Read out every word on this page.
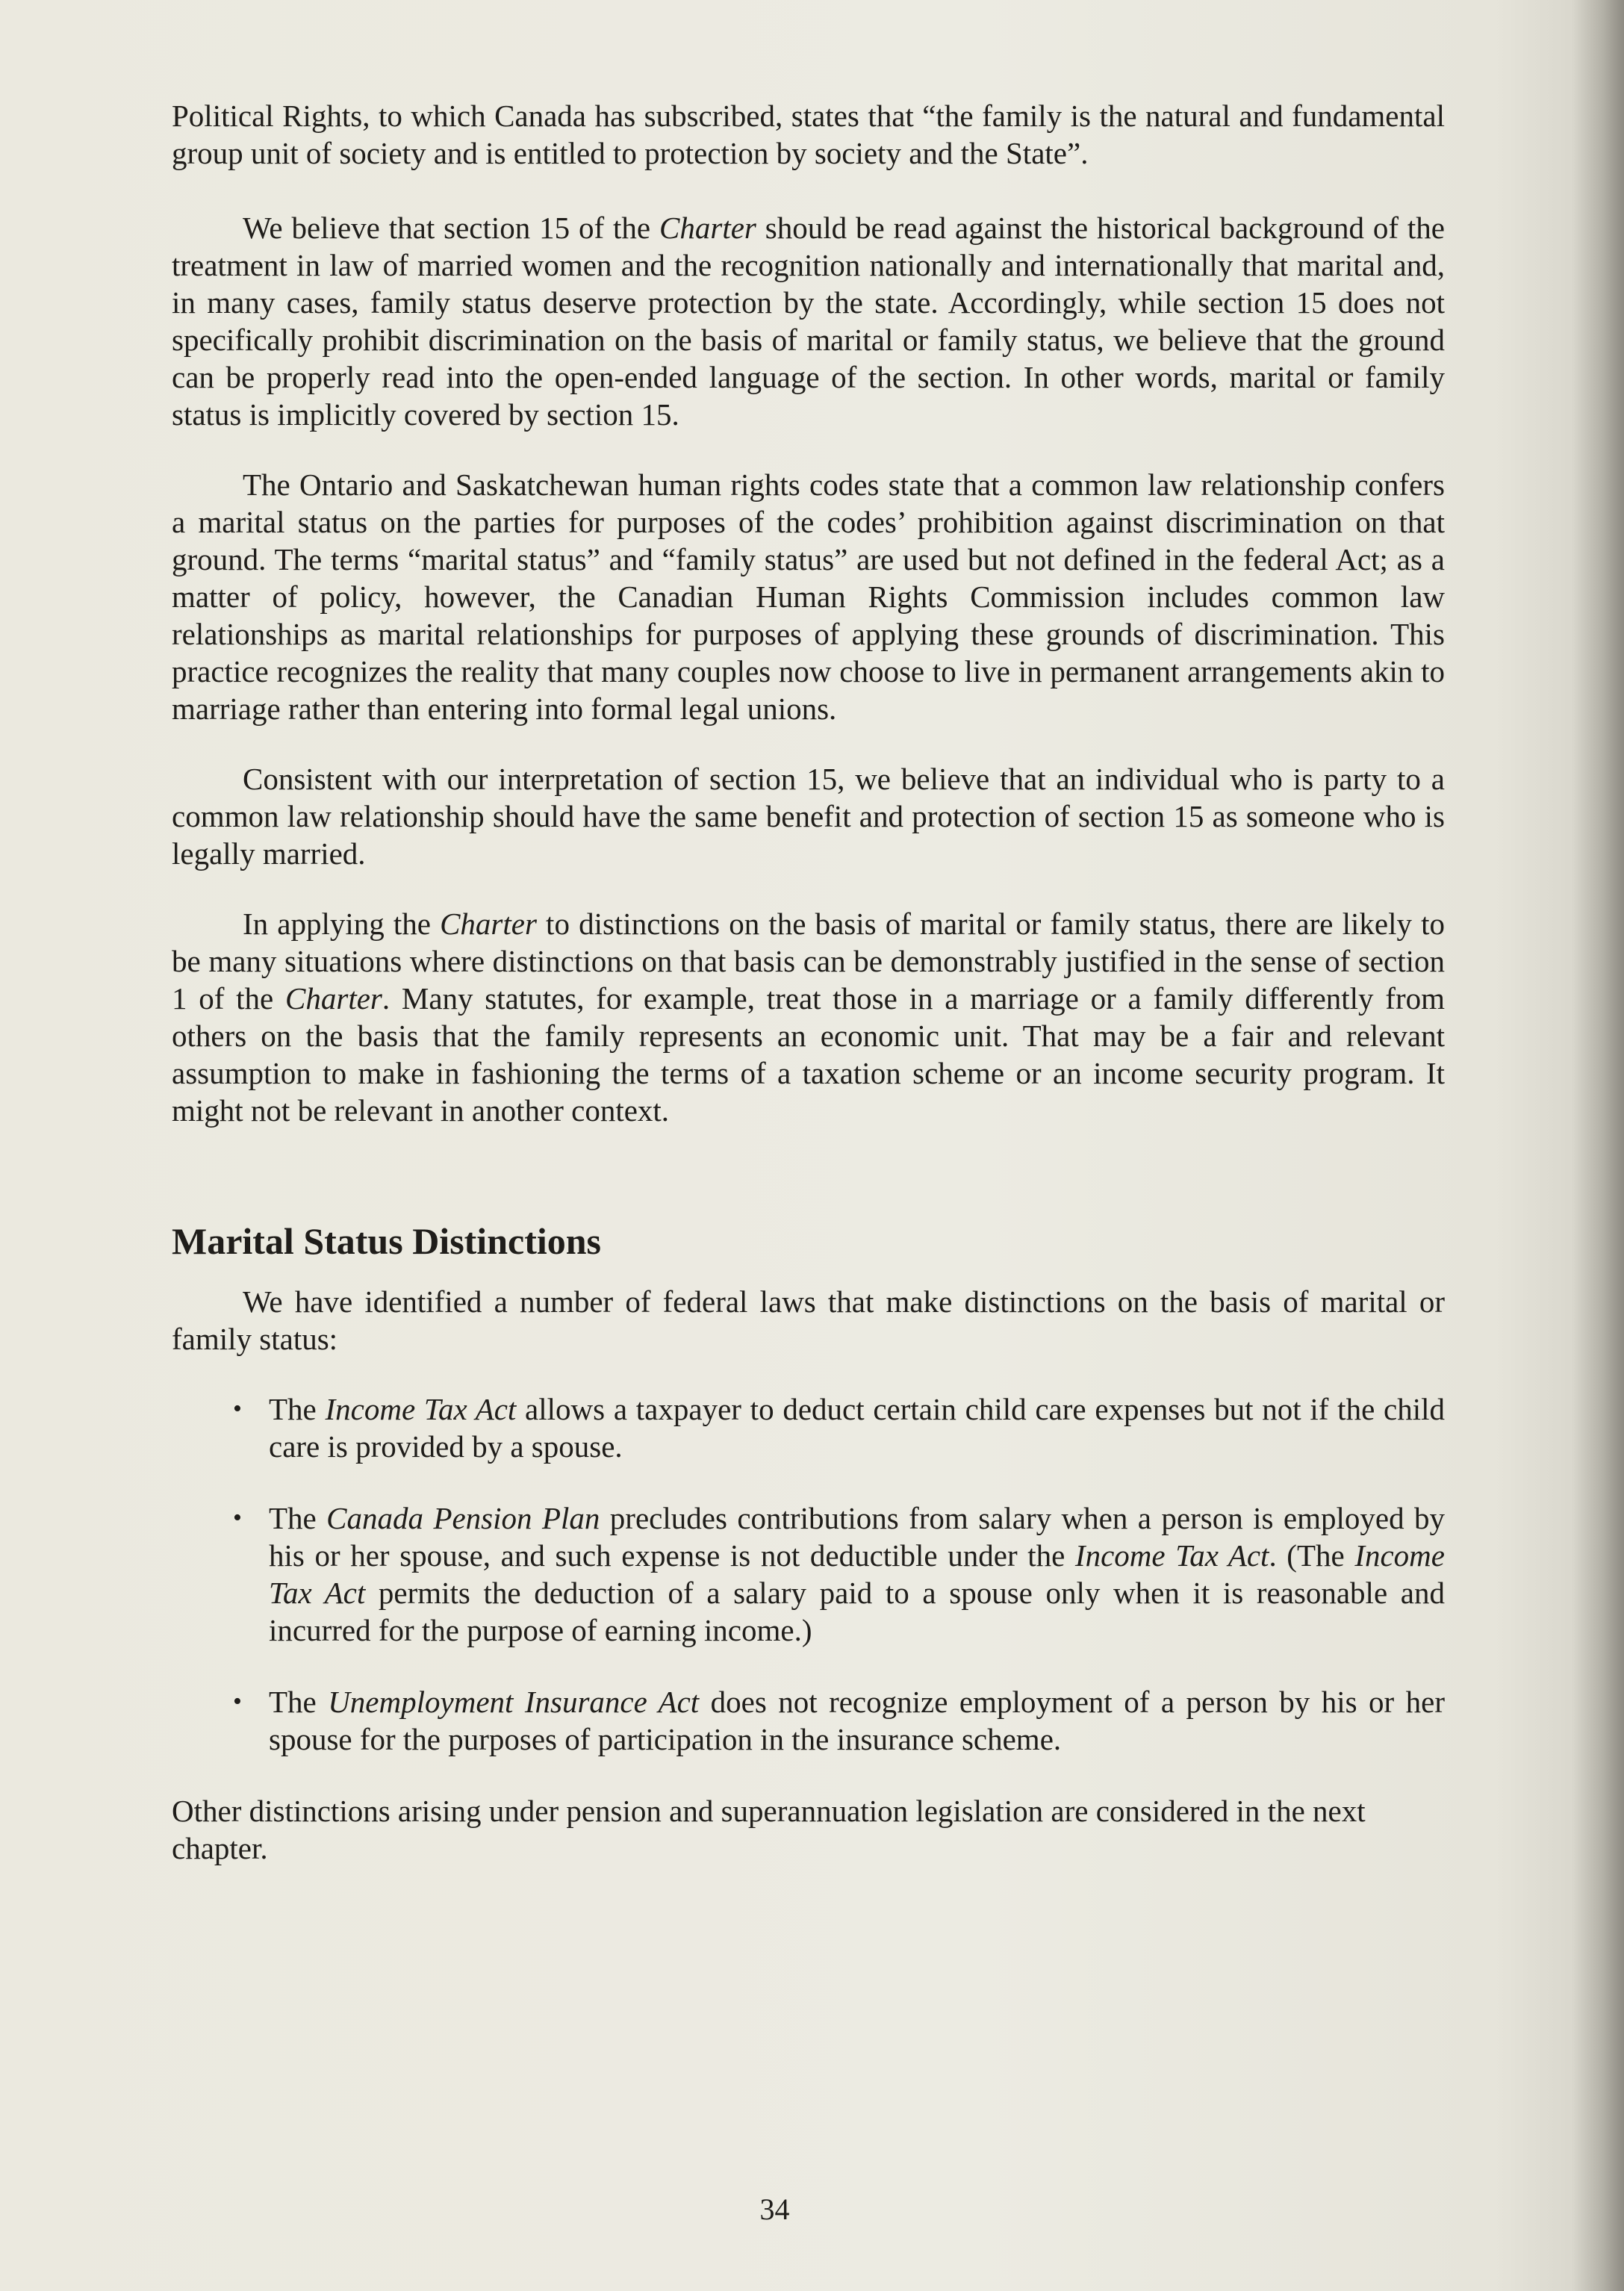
Political Rights, to which Canada has subscribed, states that “the family is the natural and fundamental group unit of society and is entitled to protection by society and the State”.

We believe that section 15 of the Charter should be read against the historical background of the treatment in law of married women and the recognition nationally and internationally that marital and, in many cases, family status deserve protection by the state. Accordingly, while section 15 does not specifically prohibit discrimination on the basis of marital or family status, we believe that the ground can be properly read into the open-ended language of the section. In other words, marital or family status is implicitly covered by section 15.

The Ontario and Saskatchewan human rights codes state that a common law relationship confers a marital status on the parties for purposes of the codes’ prohibition against discrimination on that ground. The terms “marital status” and “family status” are used but not defined in the federal Act; as a matter of policy, however, the Canadian Human Rights Commission includes common law relationships as marital relationships for purposes of applying these grounds of discrimination. This practice recognizes the reality that many couples now choose to live in permanent arrangements akin to marriage rather than entering into formal legal unions.

Consistent with our interpretation of section 15, we believe that an individual who is party to a common law relationship should have the same benefit and protection of section 15 as someone who is legally married.

In applying the Charter to distinctions on the basis of marital or family status, there are likely to be many situations where distinctions on that basis can be demonstrably justified in the sense of section 1 of the Charter. Many statutes, for example, treat those in a marriage or a family differently from others on the basis that the family represents an economic unit. That may be a fair and relevant assumption to make in fashioning the terms of a taxation scheme or an income security program. It might not be relevant in another context.

Marital Status Distinctions

We have identified a number of federal laws that make distinctions on the basis of marital or family status:

• The Income Tax Act allows a taxpayer to deduct certain child care expenses but not if the child care is provided by a spouse.
• The Canada Pension Plan precludes contributions from salary when a person is employed by his or her spouse, and such expense is not deductible under the Income Tax Act. (The Income Tax Act permits the deduction of a salary paid to a spouse only when it is reasonable and incurred for the purpose of earning income.)
• The Unemployment Insurance Act does not recognize employment of a person by his or her spouse for the purposes of participation in the insurance scheme.

Other distinctions arising under pension and superannuation legislation are considered in the next chapter.

34
